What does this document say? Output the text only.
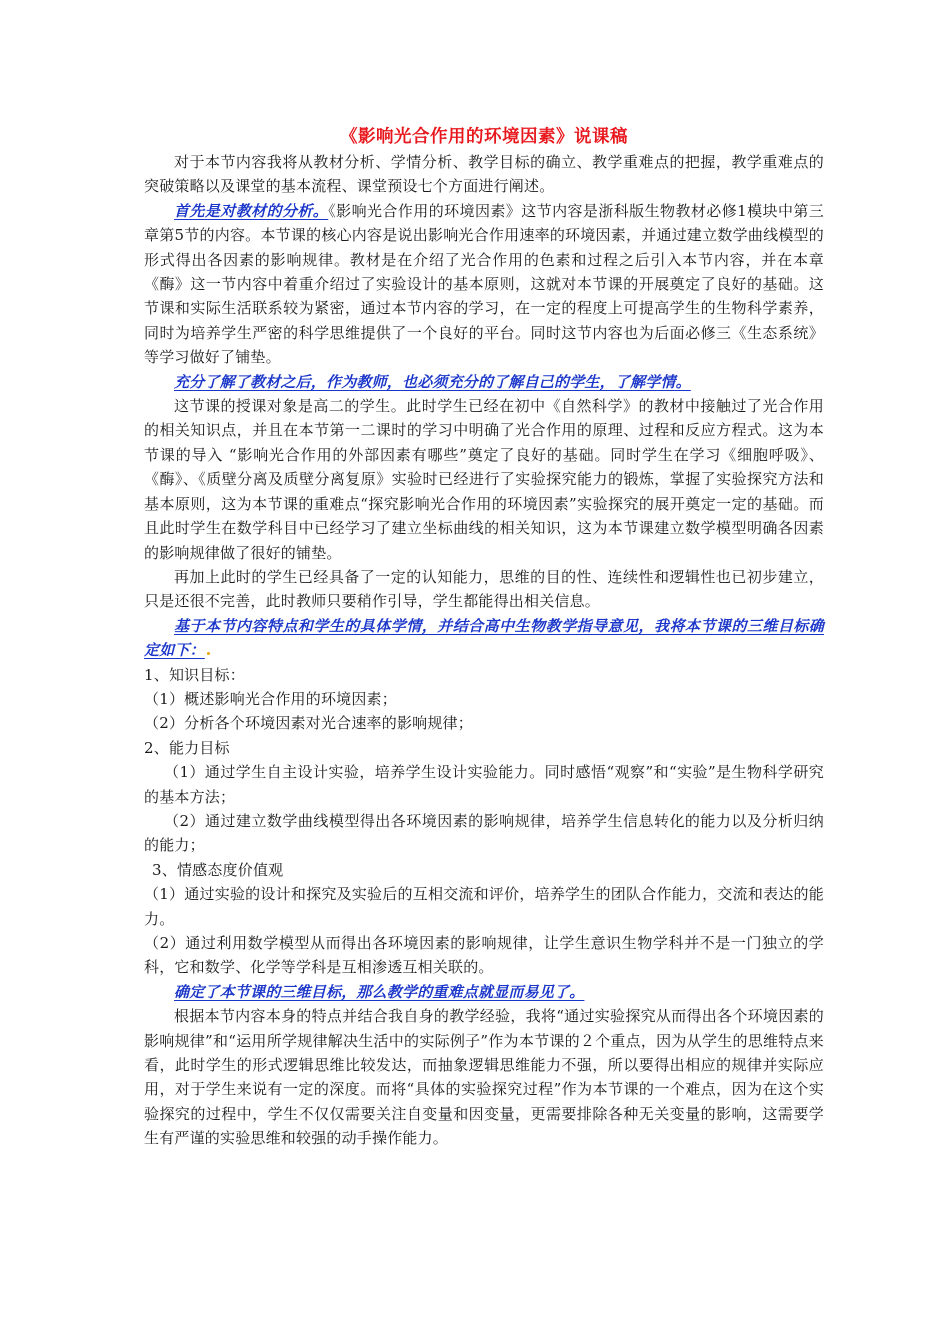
《影响光合作用的环境因素》说课稿

对于本节内容我将从教材分析、学情分析、教学目标的确立、教学重难点的把握，教学重难点的突破策略以及课堂的基本流程、课堂预设七个方面进行阐述。

首先是对教材的分析。《影响光合作用的环境因素》这节内容是浙科版生物教材必修1模块中第三章第5节的内容。本节课的核心内容是说出影响光合作用速率的环境因素，并通过建立数学曲线模型的形式得出各因素的影响规律。教材是在介绍了光合作用的色素和过程之后引入本节内容，并在本章《酶》这一节内容中着重介绍过了实验设计的基本原则，这就对本节课的开展奠定了良好的基础。这节课和实际生活联系较为紧密，通过本节内容的学习，在一定的程度上可提高学生的生物科学素养，同时为培养学生严密的科学思维提供了一个良好的平台。同时这节内容也为后面必修三《生态系统》等学习做好了铺垫。

充分了解了教材之后，作为教师，也必须充分的了解自己的学生，了解学情。

这节课的授课对象是高二的学生。此时学生已经在初中《自然科学》的教材中接触过了光合作用的相关知识点，并且在本节第一二课时的学习中明确了光合作用的原理、过程和反应方程式。这为本节课的导入 “影响光合作用的外部因素有哪些”奠定了良好的基础。同时学生在学习《细胞呼吸》、《酶》、《质壁分离及质壁分离复原》实验时已经进行了实验探究能力的锻炼，掌握了实验探究方法和基本原则，这为本节课的重难点“探究影响光合作用的环境因素”实验探究的展开奠定一定的基础。而且此时学生在数学科目中已经学习了建立坐标曲线的相关知识，这为本节课建立数学模型明确各因素的影响规律做了很好的铺垫。

再加上此时的学生已经具备了一定的认知能力，思维的目的性、连续性和逻辑性也已初步建立，只是还很不完善，此时教师只要稍作引导，学生都能得出相关信息。

基于本节内容特点和学生的具体学情，并结合高中生物教学指导意见，我将本节课的三维目标确定如下：

1、知识目标：

（1）概述影响光合作用的环境因素；

（2）分析各个环境因素对光合速率的影响规律；

2、能力目标

（1）通过学生自主设计实验，培养学生设计实验能力。同时感悟“观察”和“实验”是生物科学研究的基本方法；

（2）通过建立数学曲线模型得出各环境因素的影响规律，培养学生信息转化的能力以及分析归纳的能力；

3、情感态度价值观

（1）通过实验的设计和探究及实验后的互相交流和评价，培养学生的团队合作能力，交流和表达的能力。

（2）通过利用数学模型从而得出各环境因素的影响规律，让学生意识生物学科并不是一门独立的学科，它和数学、化学等学科是互相渗透互相关联的。

确定了本节课的三维目标，那么教学的重难点就显而易见了。

根据本节内容本身的特点并结合我自身的教学经验，我将“通过实验探究从而得出各个环境因素的影响规律”和“运用所学规律解决生活中的实际例子”作为本节课的２个重点，因为从学生的思维特点来看，此时学生的形式逻辑思维比较发达，而抽象逻辑思维能力不强，所以要得出相应的规律并实际应用，对于学生来说有一定的深度。而将“具体的实验探究过程”作为本节课的一个难点，因为在这个实验探究的过程中，学生不仅仅需要关注自变量和因变量，更需要排除各种无关变量的影响，这需要学生有严谨的实验思维和较强的动手操作能力。
